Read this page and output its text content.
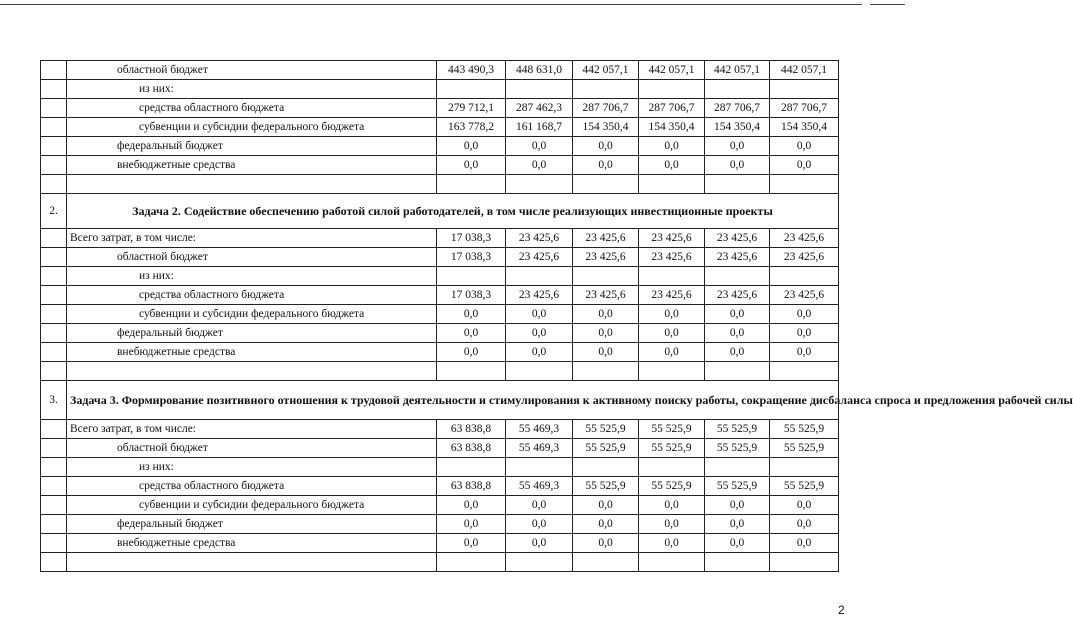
	областной бюджет	443 490,3	448 631,0	442 057,1	442 057,1	442 057,1	442 057,1
	из них:						
	средства областного бюджета	279 712,1	287 462,3	287 706,7	287 706,7	287 706,7	287 706,7
	субвенции и субсидии федерального бюджета	163 778,2	161 168,7	154 350,4	154 350,4	154 350,4	154 350,4
	федеральный бюджет	0,0	0,0	0,0	0,0	0,0	0,0
	внебюджетные средства	0,0	0,0	0,0	0,0	0,0	0,0

2.	Задача 2. Содействие обеспечению работой силой работодателей, в том числе реализующих инвестиционные проекты						
	Всего затрат, в том числе:	17 038,3	23 425,6	23 425,6	23 425,6	23 425,6	23 425,6
	областной бюджет	17 038,3	23 425,6	23 425,6	23 425,6	23 425,6	23 425,6
	из них:						
	средства областного бюджета	17 038,3	23 425,6	23 425,6	23 425,6	23 425,6	23 425,6
	субвенции и субсидии федерального бюджета	0,0	0,0	0,0	0,0	0,0	0,0
	федеральный бюджет	0,0	0,0	0,0	0,0	0,0	0,0
	внебюджетные средства	0,0	0,0	0,0	0,0	0,0	0,0

3.	Задача 3. Формирование позитивного отношения к трудовой деятельности и стимулирования к активному поиску работы, сокращение дисбаланса спроса и предложения рабочей силы						
	Всего затрат, в том числе:	63 838,8	55 469,3	55 525,9	55 525,9	55 525,9	55 525,9
	областной бюджет	63 838,8	55 469,3	55 525,9	55 525,9	55 525,9	55 525,9
	из них:						
	средства областного бюджета	63 838,8	55 469,3	55 525,9	55 525,9	55 525,9	55 525,9
	субвенции и субсидии федерального бюджета	0,0	0,0	0,0	0,0	0,0	0,0
	федеральный бюджет	0,0	0,0	0,0	0,0	0,0	0,0
	внебюджетные средства	0,0	0,0	0,0	0,0	0,0	0,0

2
